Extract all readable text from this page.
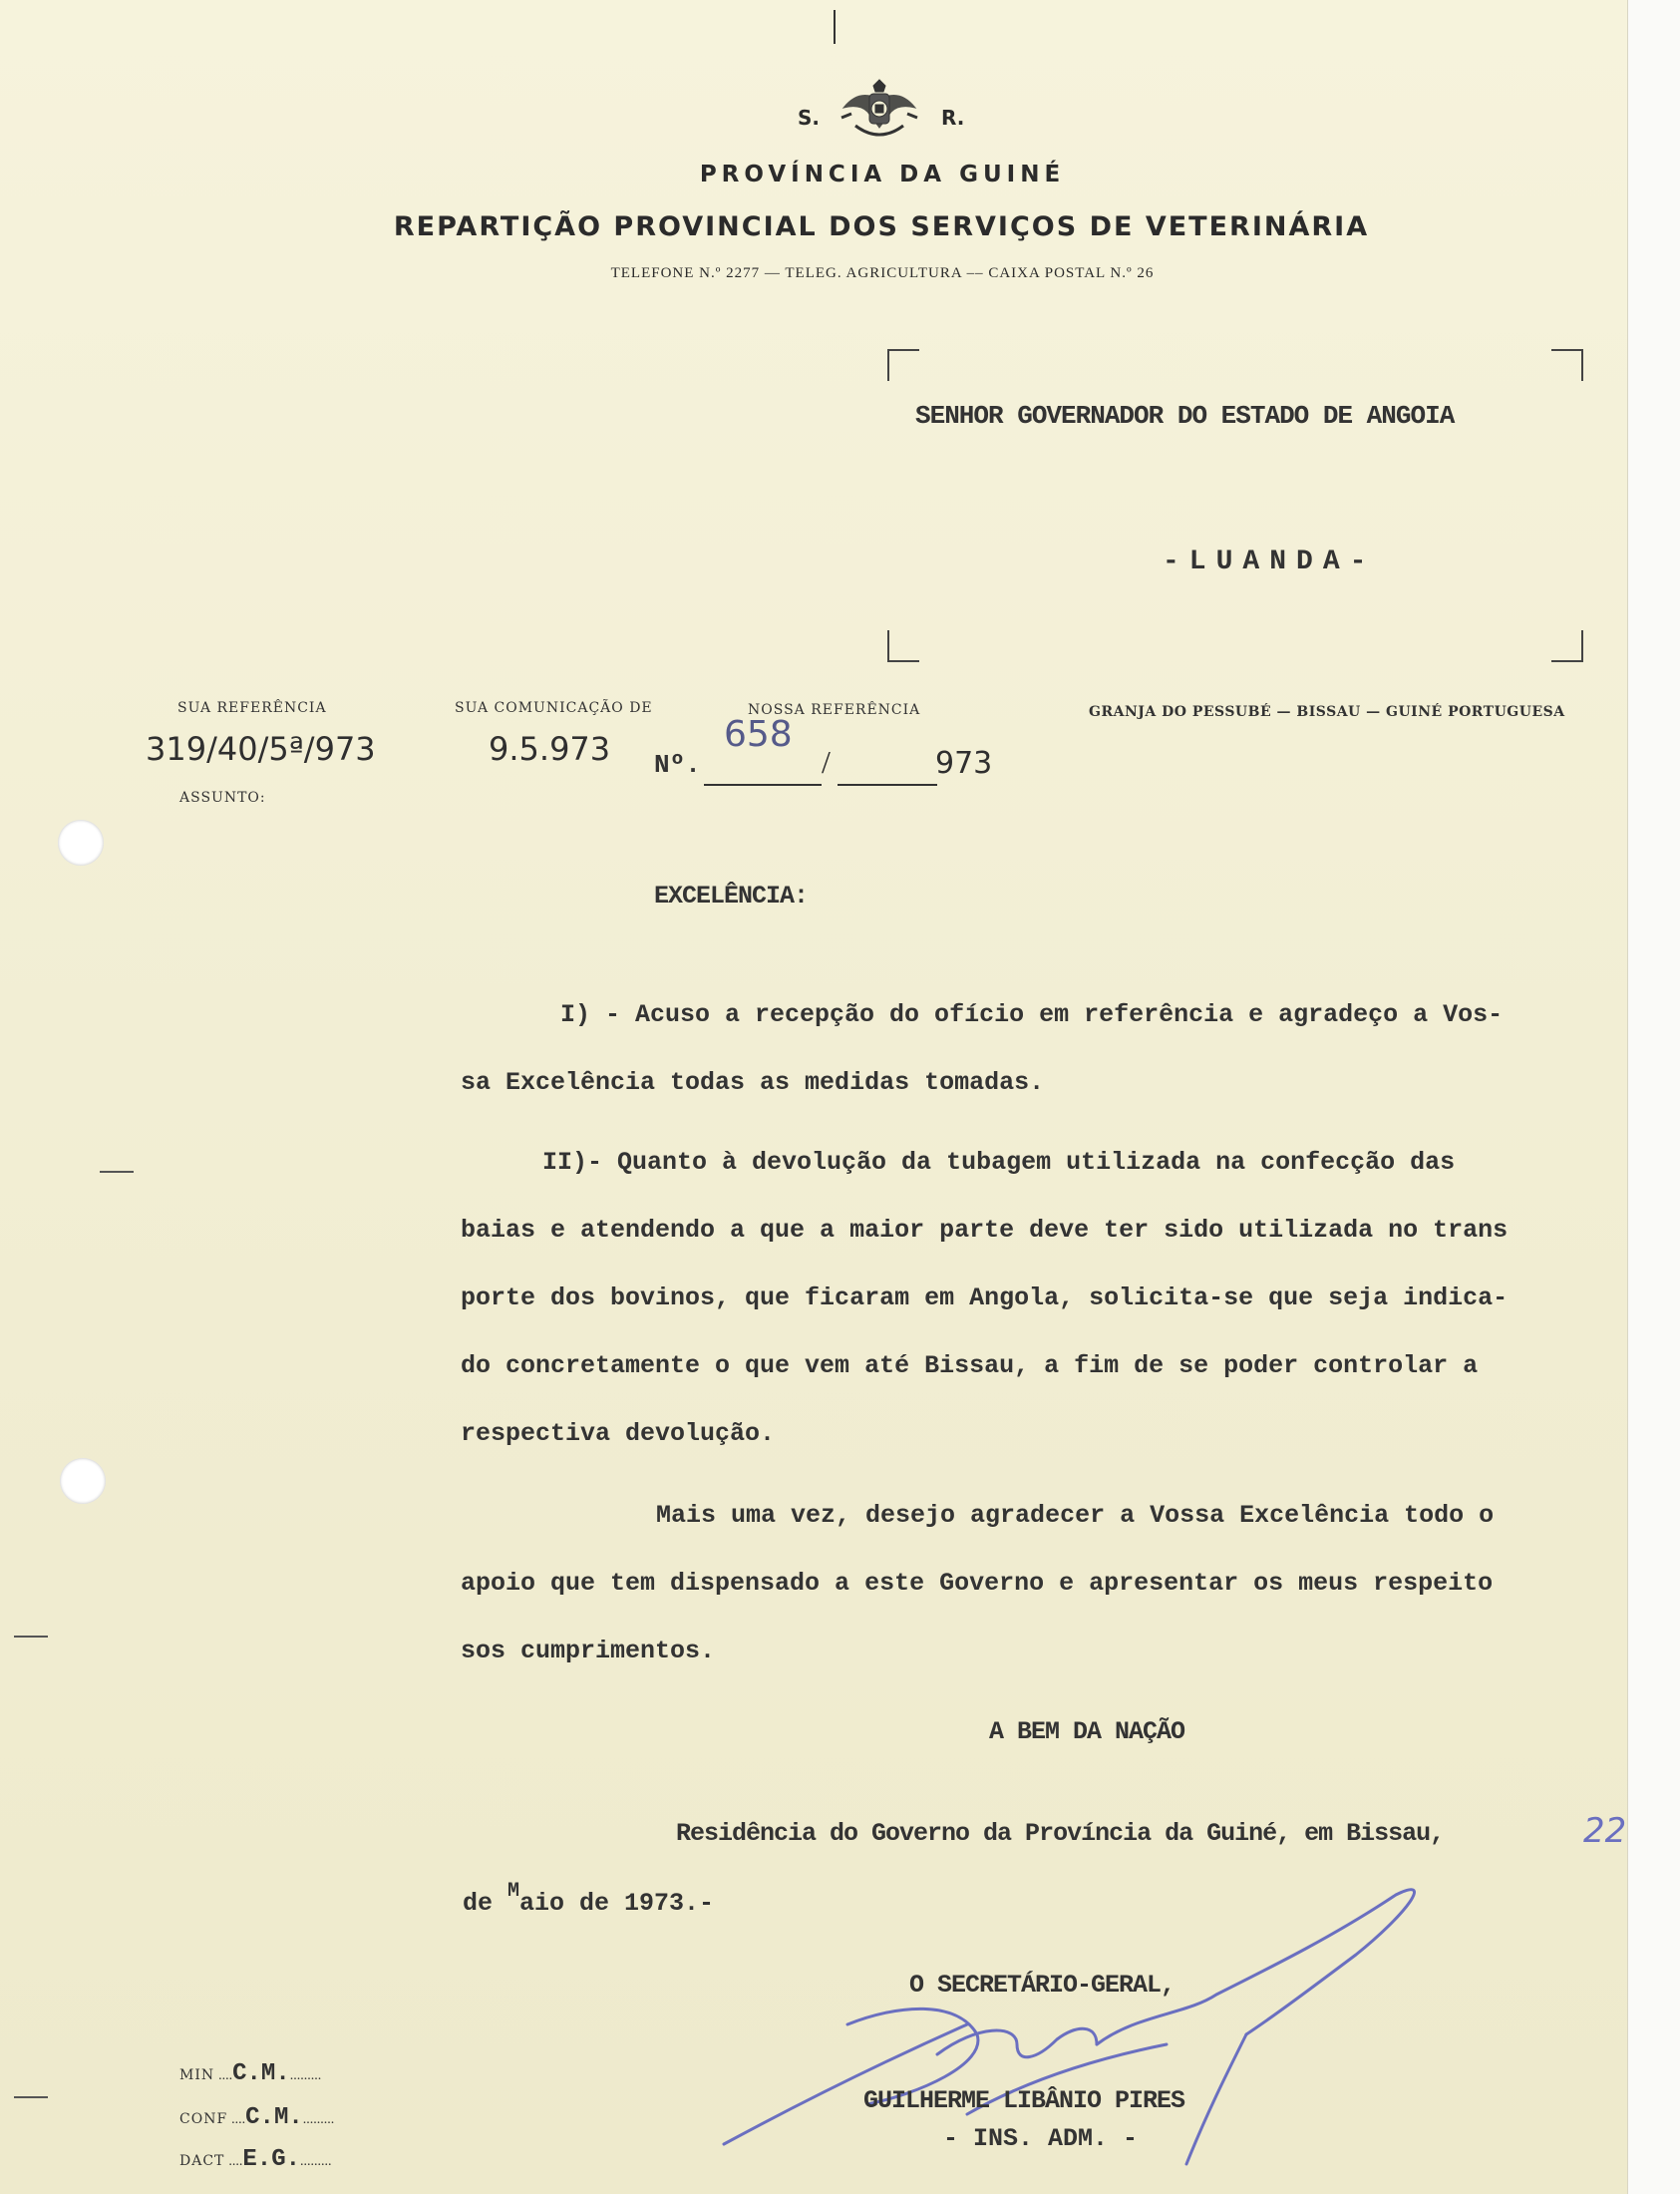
S.	R.
PROVÍNCIA DA GUINÉ
REPARTIÇÃO PROVINCIAL DOS SERVIÇOS DE VETERINÁRIA
TELEFONE N.º 2277 — TELEG. AGRICULTURA –– CAIXA POSTAL N.º 26
SENHOR GOVERNADOR DO ESTADO DE ANGOIA
-LUANDA-
SUA REFERÊNCIA
319/40/5ª/973
SUA COMUNICAÇÃO DE
9.5.973
NOSSA REFERÊNCIA
Nº.	/
658
973
GRANJA DO PESSUBÉ — BISSAU — GUINÉ PORTUGUESA
ASSUNTO:
EXCELÊNCIA:
I) - Acuso a recepção do ofício em referência e agradeço a Vos-
sa Excelência todas as medidas tomadas.
II)- Quanto à devolução da tubagem utilizada na confecção das
baias e atendendo a que a maior parte deve ter sido utilizada no trans
porte dos bovinos, que ficaram em Angola, solicita-se que seja indica-
do concretamente o que vem até Bissau, a fim de se poder controlar a
respectiva devolução.
Mais uma vez, desejo agradecer a Vossa Excelência todo o
apoio que tem dispensado a este Governo e apresentar os meus respeito
sos cumprimentos.
A BEM DA NAÇÃO
Residência do Governo da Província da Guiné, em Bissau,	22
de $^M$aio de 1973.-
O SECRETÁRIO-GERAL,
GUILHERME LIBÂNIO PIRES
- INS. ADM. -
MIN ....C.M..........
CONF ....C.M..........
DACT ....E.G..........
